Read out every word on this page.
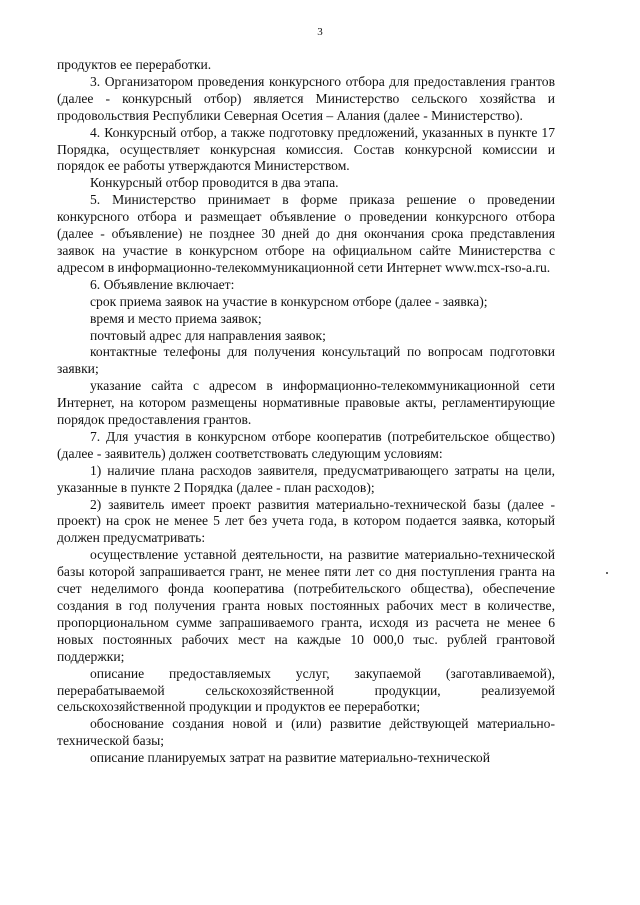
3

продуктов ее переработки.

3. Организатором проведения конкурсного отбора для предоставления грантов (далее - конкурсный отбор) является Министерство сельского хозяйства и продовольствия Республики Северная Осетия – Алания (далее - Министерство).

4. Конкурсный отбор, а также подготовку предложений, указанных в пункте 17 Порядка, осуществляет конкурсная комиссия. Состав конкурсной комиссии и порядок ее работы утверждаются Министерством.

Конкурсный отбор проводится в два этапа.

5. Министерство принимает в форме приказа решение о проведении конкурсного отбора и размещает объявление о проведении конкурсного отбора (далее - объявление) не позднее 30 дней до дня окончания срока представления заявок на участие в конкурсном отборе на официальном сайте Министерства с адресом в информационно-телекоммуникационной сети Интернет www.mcx-rso-a.ru.

6. Объявление включает:

срок приема заявок на участие в конкурсном отборе (далее - заявка);

время и место приема заявок;

почтовый адрес для направления заявок;

контактные телефоны для получения консультаций по вопросам подготовки заявки;

указание сайта с адресом в информационно-телекоммуникационной сети Интернет, на котором размещены нормативные правовые акты, регламентирующие порядок предоставления грантов.

7. Для участия в конкурсном отборе кооператив (потребительское общество) (далее - заявитель) должен соответствовать следующим условиям:

1) наличие плана расходов заявителя, предусматривающего затраты на цели, указанные в пункте 2 Порядка (далее - план расходов);

2) заявитель имеет проект развития материально-технической базы (далее - проект) на срок не менее 5 лет без учета года, в котором подается заявка, который должен предусматривать:

осуществление уставной деятельности, на развитие материально-технической базы которой запрашивается грант, не менее пяти лет со дня поступления гранта на счет неделимого фонда кооператива (потребительского общества), обеспечение создания в год получения гранта новых постоянных рабочих мест в количестве, пропорциональном сумме запрашиваемого гранта, исходя из расчета не менее 6 новых постоянных рабочих мест на каждые 10 000,0 тыс. рублей грантовой поддержки;

описание предоставляемых услуг, закупаемой (заготавливаемой), перерабатываемой сельскохозяйственной продукции, реализуемой сельскохозяйственной продукции и продуктов ее переработки;

обоснование создания новой и (или) развитие действующей материально-технической базы;

описание планируемых затрат на развитие материально-технической
